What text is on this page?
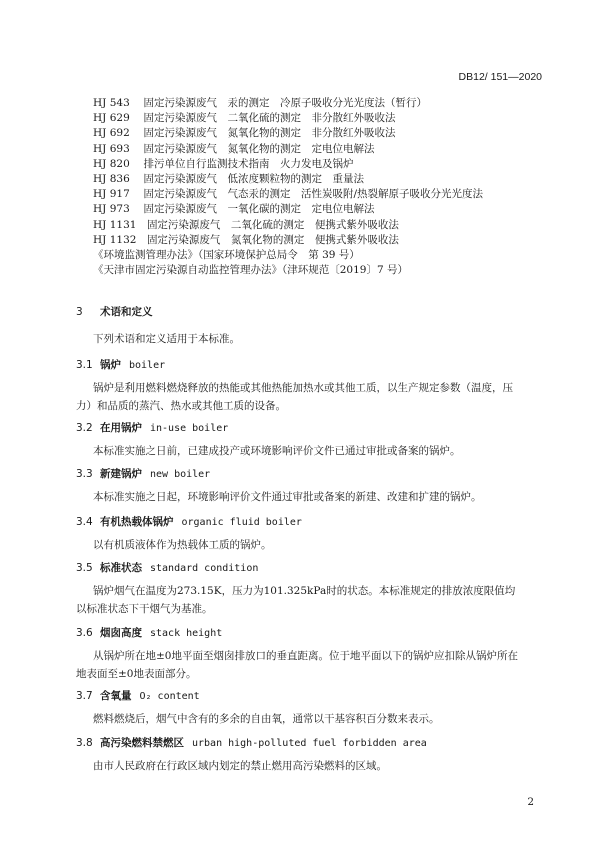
DB12/ 151—2020
HJ 543　 固定污染源废气　汞的测定　冷原子吸收分光光度法（暂行）
HJ 629　 固定污染源废气　二氧化硫的测定　非分散红外吸收法
HJ 692　 固定污染源废气　氮氧化物的测定　非分散红外吸收法
HJ 693　 固定污染源废气　氮氧化物的测定　定电位电解法
HJ 820　 排污单位自行监测技术指南　火力发电及锅炉
HJ 836　 固定污染源废气　低浓度颗粒物的测定　重量法
HJ 917　 固定污染源废气　气态汞的测定　活性炭吸附/热裂解原子吸收分光光度法
HJ 973　 固定污染源废气　一氧化碳的测定　定电位电解法
HJ 1131　 固定污染源废气　二氧化硫的测定　便携式紫外吸收法
HJ 1132　 固定污染源废气　氮氧化物的测定　便携式紫外吸收法
《环境监测管理办法》（国家环境保护总局令　第 39 号）
《天津市固定污染源自动监控管理办法》（津环规范〔2019〕7 号）
3 术语和定义
下列术语和定义适用于本标准。
3.1 锅炉 boiler
锅炉是利用燃料燃烧释放的热能或其他热能加热水或其他工质，以生产规定参数（温度，压力）和品质的蒸汽、热水或其他工质的设备。
3.2 在用锅炉 in-use boiler
本标准实施之日前，已建成投产或环境影响评价文件已通过审批或备案的锅炉。
3.3 新建锅炉 new boiler
本标准实施之日起，环境影响评价文件通过审批或备案的新建、改建和扩建的锅炉。
3.4 有机热载体锅炉 organic fluid boiler
以有机质液体作为热载体工质的锅炉。
3.5 标准状态 standard condition
锅炉烟气在温度为273.15K，压力为101.325kPa时的状态。本标准规定的排放浓度限值均以标准状态下干烟气为基准。
3.6 烟囱高度 stack height
从锅炉所在地±0地平面至烟囱排放口的垂直距离。位于地平面以下的锅炉应扣除从锅炉所在地表面至±0地表面部分。
3.7 含氧量 O₂ content
燃料燃烧后，烟气中含有的多余的自由氧，通常以干基容积百分数来表示。
3.8 高污染燃料禁燃区 urban high-polluted fuel forbidden area
由市人民政府在行政区域内划定的禁止燃用高污染燃料的区域。
2
